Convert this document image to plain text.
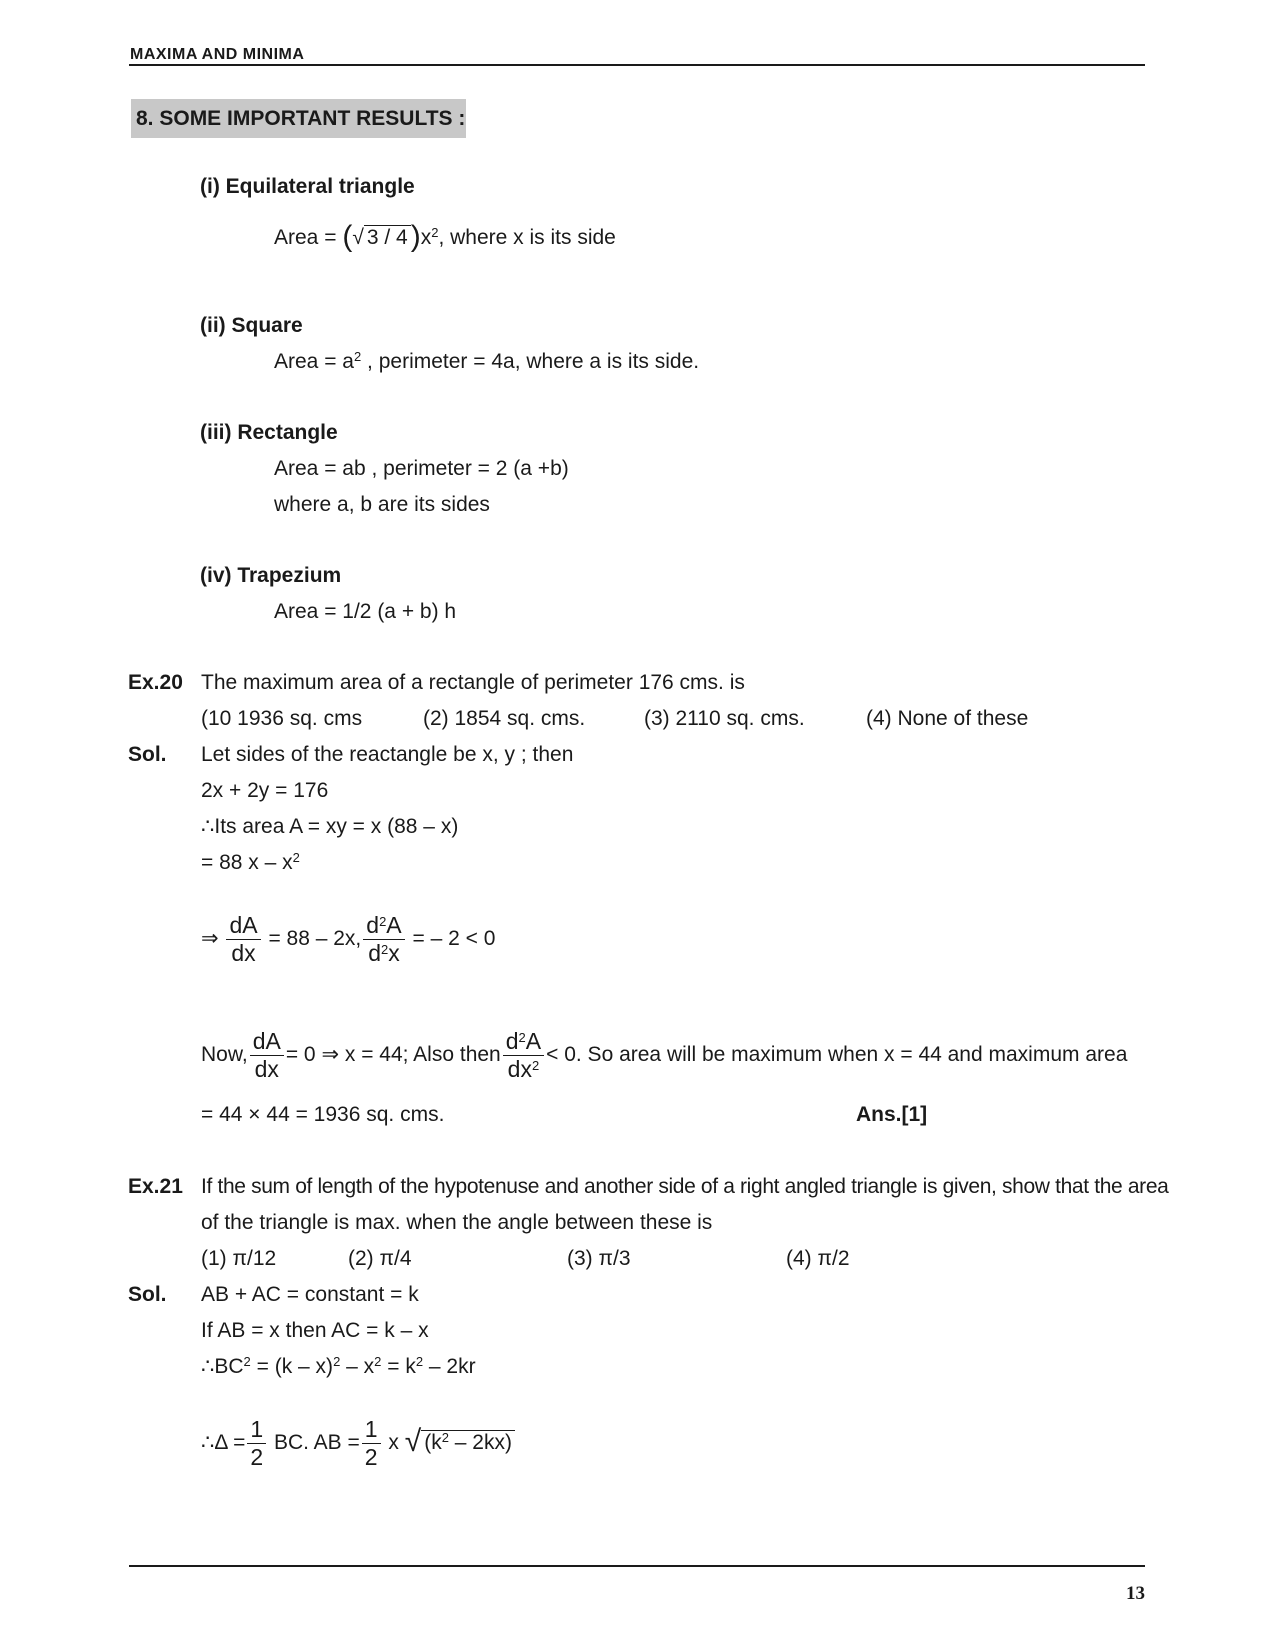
MAXIMA AND MINIMA
8. SOME IMPORTANT RESULTS :
(i) Equilateral triangle
Area = (√ 3 / 4 )$x^2$, where x is its side
(ii) Square
Area = $a^2$ , perimeter = 4a, where a is its side.
(iii) Rectangle
Area = ab , perimeter = 2 (a +b)
where a, b are its sides
(iv) Trapezium
Area = 1/2 (a + b) h
Ex.20 The maximum area of a rectangle of perimeter 176 cms. is
(10 1936 sq. cms	(2) 1854 sq. cms.	(3) 2110 sq. cms.	(4) None of these
Sol. Let sides of the reactangle be x, y ; then
2x + 2y = 176
∴Its area A = xy = x (88 – x)
= 88 x – $x^2$
⇒ $\frac{dA}{dx} = 88 - 2x$, $\frac{d^2A}{d^2x}$ = – 2 < 0
Now, $\frac{dA}{dx} = 0$ ⇒ x = 44; Also then $\frac{d^2A}{dx^2} < 0$. So area will be maximum when x = 44 and maximum area
= 44 × 44 = 1936 sq. cms.	Ans.[1]
Ex.21 If the sum of length of the hypotenuse and another side of a right angled triangle is given, show that the area
of the triangle is max. when the angle between these is
(1) π/12	(2) π/4	(3) π/3	(4) π/2
Sol. AB + AC = constant = k
If AB = x then AC = k – x
$\therefore BC^2 = (k - x)^2 - x^2 = k^2 - 2kr$
∴Δ = $\frac{1}{2}$ BC. AB = $\frac{1}{2}$ x √ $(k^2 - 2kx)$
13
